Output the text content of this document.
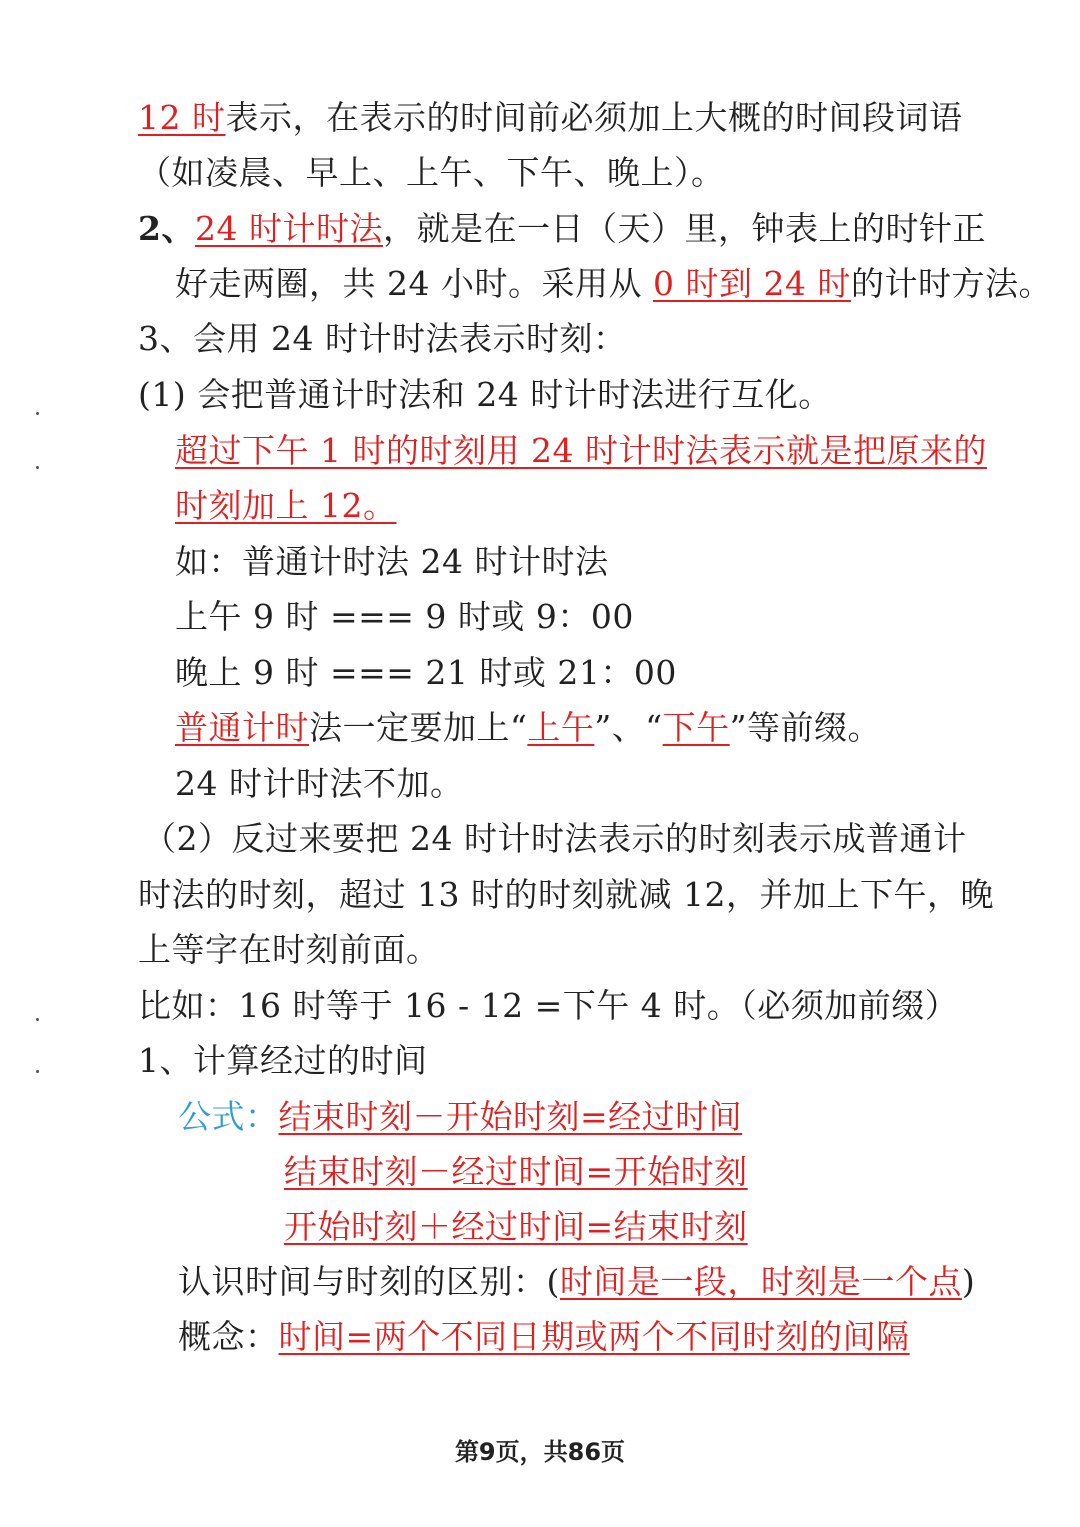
12 时表示，在表示的时间前必须加上大概的时间段词语
（如凌晨、早上、上午、下午、晚上）。
2、24 时计时法，就是在一日（天）里，钟表上的时针正
好走两圈，共 24 小时。采用从 0 时到 24 时的计时方法。
3、会用 24 时计时法表示时刻：
(1) 会把普通计时法和 24 时计时法进行互化。
超过下午 1 时的时刻用 24 时计时法表示就是把原来的
时刻加上 12。
如：普通计时法 24 时计时法
上午 9 时 === 9 时或 9：00
晚上 9 时 === 21 时或 21：00
普通计时法一定要加上“上午”、“下午”等前缀。
24 时计时法不加。
（2）反过来要把 24 时计时法表示的时刻表示成普通计
时法的时刻，超过 13 时的时刻就减 12，并加上下午，晚
上等字在时刻前面。
比如：16 时等于 16 - 12 =下午 4 时。（必须加前缀）
1、计算经过的时间
公式：结束时刻－开始时刻=经过时间
结束时刻－经过时间=开始时刻
开始时刻＋经过时间=结束时刻
认识时间与时刻的区别：(时间是一段，时刻是一个点)
概念：时间=两个不同日期或两个不同时刻的间隔
第9页，共86页
